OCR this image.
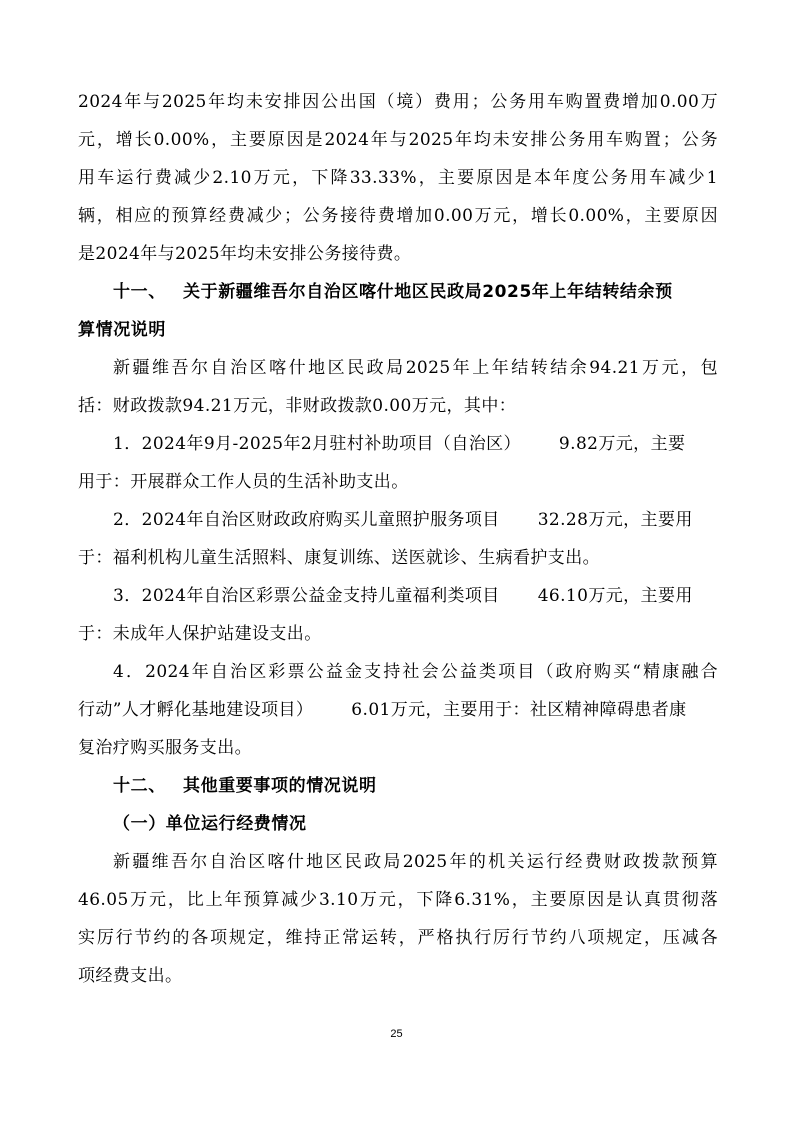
2024年与2025年均未安排因公出国（境）费用；公务用车购置费增加0.00万
元，增长0.00%，主要原因是2024年与2025年均未安排公务用车购置；公务
用车运行费减少2.10万元，下降33.33%，主要原因是本年度公务用车减少1
辆，相应的预算经费减少；公务接待费增加0.00万元，增长0.00%，主要原因
是2024年与2025年均未安排公务接待费。
十一、 关于新疆维吾尔自治区喀什地区民政局2025年上年结转结余预
算情况说明
新疆维吾尔自治区喀什地区民政局2025年上年结转结余94.21万元，包
括：财政拨款94.21万元，非财政拨款0.00万元，其中：
1．2024年9月-2025年2月驻村补助项目（自治区） 9.82万元，主要
用于：开展群众工作人员的生活补助支出。
2．2024年自治区财政政府购买儿童照护服务项目 32.28万元，主要用
于：福利机构儿童生活照料、康复训练、送医就诊、生病看护支出。
3．2024年自治区彩票公益金支持儿童福利类项目 46.10万元，主要用
于：未成年人保护站建设支出。
4．2024年自治区彩票公益金支持社会公益类项目（政府购买“精康融合
行动”人才孵化基地建设项目） 6.01万元，主要用于：社区精神障碍患者康
复治疗购买服务支出。
十二、 其他重要事项的情况说明
（一）单位运行经费情况
新疆维吾尔自治区喀什地区民政局2025年的机关运行经费财政拨款预算
46.05万元，比上年预算减少3.10万元，下降6.31%，主要原因是认真贯彻落
实厉行节约的各项规定，维持正常运转，严格执行厉行节约八项规定，压减各
项经费支出。
25
